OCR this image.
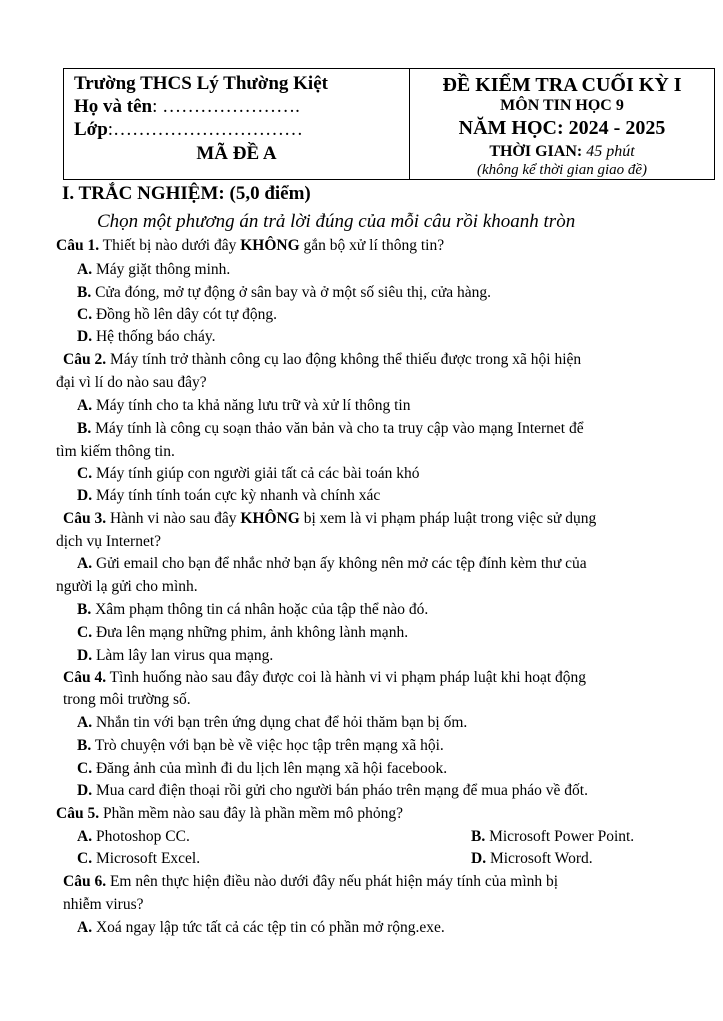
Trường THCS Lý Thường Kiệt
Họ và tên: ………………….
Lớp:…………………………
MÃ ĐỀ A
ĐỀ KIỂM TRA CUỐI KỲ I
MÔN TIN HỌC 9
NĂM HỌC: 2024 - 2025
THỜI GIAN: 45 phút
(không kể thời gian giao đề)
I. TRẮC NGHIỆM: (5,0 điểm)
Chọn một phương án trả lời đúng của mỗi câu rồi khoanh tròn
Câu 1. Thiết bị nào dưới đây KHÔNG gắn bộ xử lí thông tin?
A. Máy giặt thông minh.
B. Cửa đóng, mở tự động ở sân bay và ở một số siêu thị, cửa hàng.
C. Đồng hồ lên dây cót tự động.
D. Hệ thống báo cháy.
Câu 2. Máy tính trở thành công cụ lao động không thể thiếu được trong xã hội hiện
đại vì lí do nào sau đây?
A. Máy tính cho ta khả năng lưu trữ và xử lí thông tin
B. Máy tính là công cụ soạn thảo văn bản và cho ta truy cập vào mạng Internet để
tìm kiếm thông tin.
C. Máy tính giúp con người giải tất cả các bài toán khó
D. Máy tính tính toán cực kỳ nhanh và chính xác
Câu 3. Hành vi nào sau đây KHÔNG bị xem là vi phạm pháp luật trong việc sử dụng
dịch vụ Internet?
A. Gửi email cho bạn để nhắc nhở bạn ấy không nên mở các tệp đính kèm thư của
người lạ gửi cho mình.
B. Xâm phạm thông tin cá nhân hoặc của tập thể nào đó.
C. Đưa lên mạng những phim, ảnh không lành mạnh.
D. Làm lây lan virus qua mạng.
Câu 4. Tình huống nào sau đây được coi là hành vi vi phạm pháp luật khi hoạt động
trong môi trường số.
A. Nhắn tin với bạn trên ứng dụng chat để hỏi thăm bạn bị ốm.
B. Trò chuyện với bạn bè về việc học tập trên mạng xã hội.
C. Đăng ảnh của mình đi du lịch lên mạng xã hội facebook.
D. Mua card điện thoại rồi gửi cho người bán pháo trên mạng để mua pháo về đốt.
Câu 5. Phần mềm nào sau đây là phần mềm mô phỏng?
A. Photoshop CC.	B. Microsoft Power Point.
C. Microsoft Excel.	D. Microsoft Word.
Câu 6. Em nên thực hiện điều nào dưới đây nếu phát hiện máy tính của mình bị
nhiễm virus?
A. Xoá ngay lập tức tất cả các tệp tin có phần mở rộng.exe.
